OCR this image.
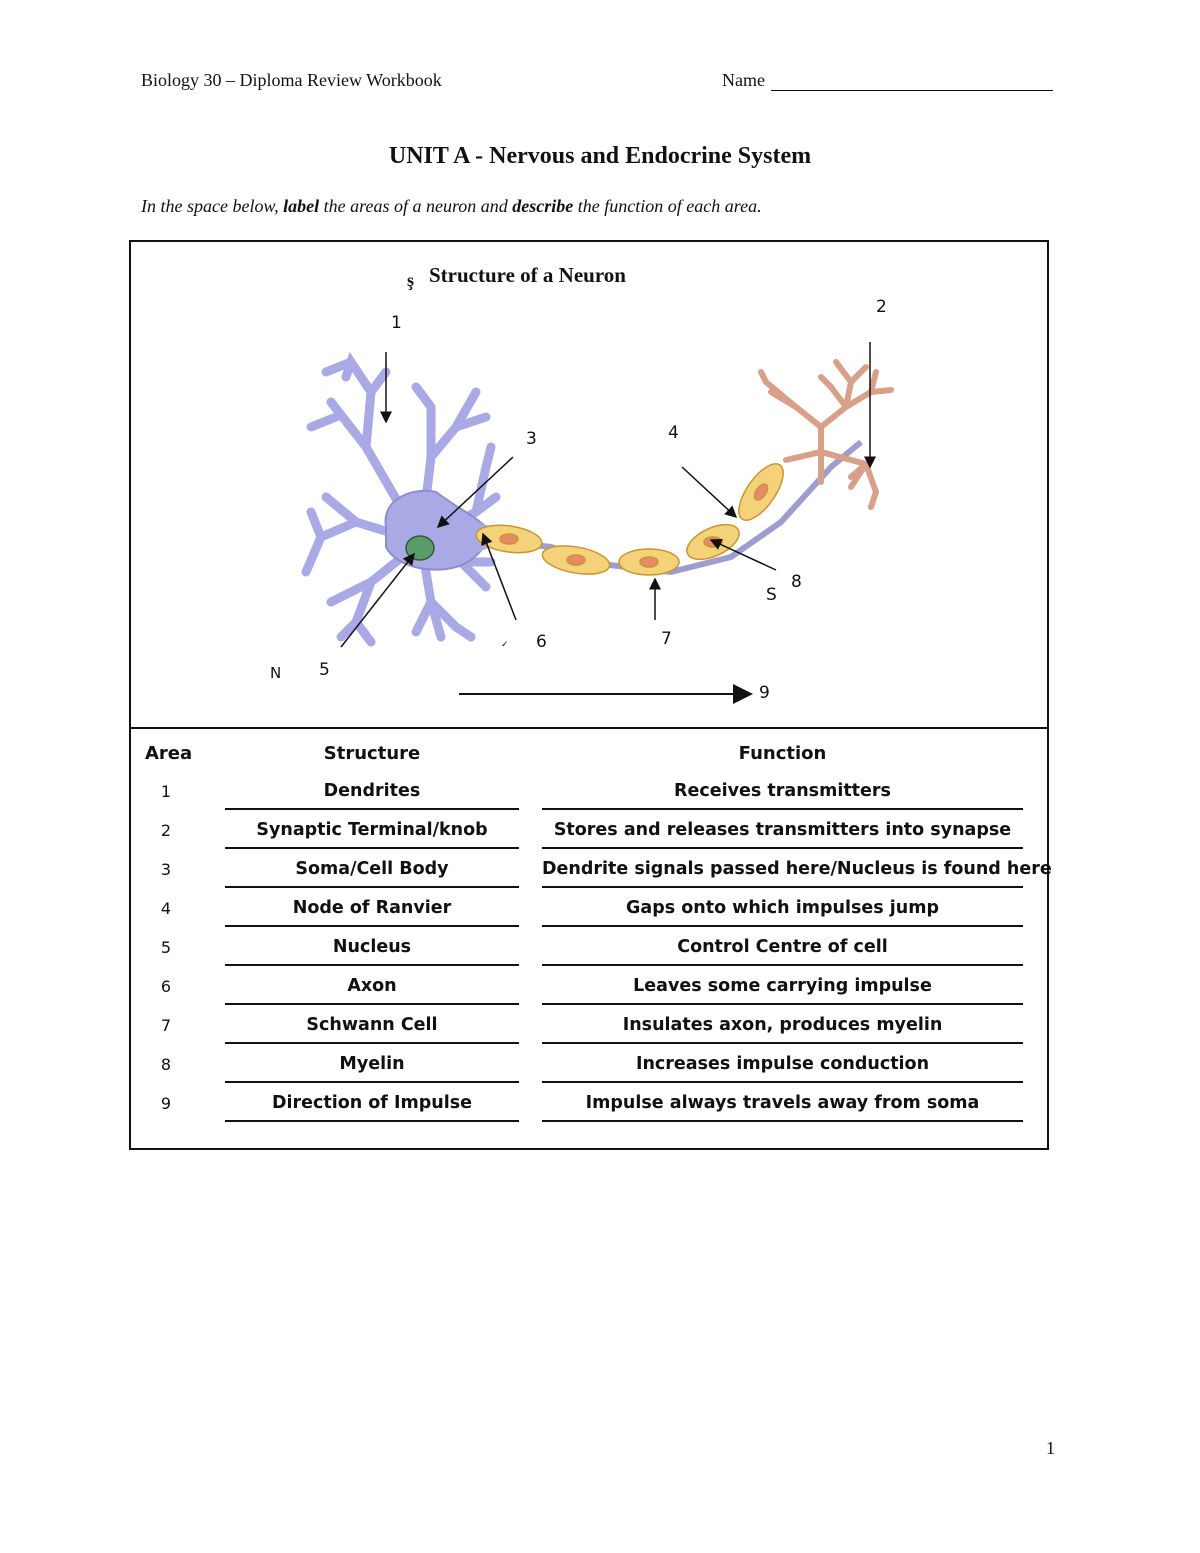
Biology 30 – Diploma Review Workbook	Name
UNIT A - Nervous and Endocrine System
In the space below, label the areas of a neuron and describe the function of each area.
ş Structure of a Neuron
1
2
3	4
5
N
6
✓	7
8
S
9
Area	Structure	Function
1	Dendrites	Receives transmitters
2	Synaptic Terminal/knob	Stores and releases transmitters into synapse
3	Soma/Cell Body	Dendrite signals passed here/Nucleus is found here
4	Node of Ranvier	Gaps onto which impulses jump
5	Nucleus	Control Centre of cell
6	Axon	Leaves some carrying impulse
7	Schwann Cell	Insulates axon, produces myelin
8	Myelin	Increases impulse conduction
9	Direction of Impulse	Impulse always travels away from soma
1
